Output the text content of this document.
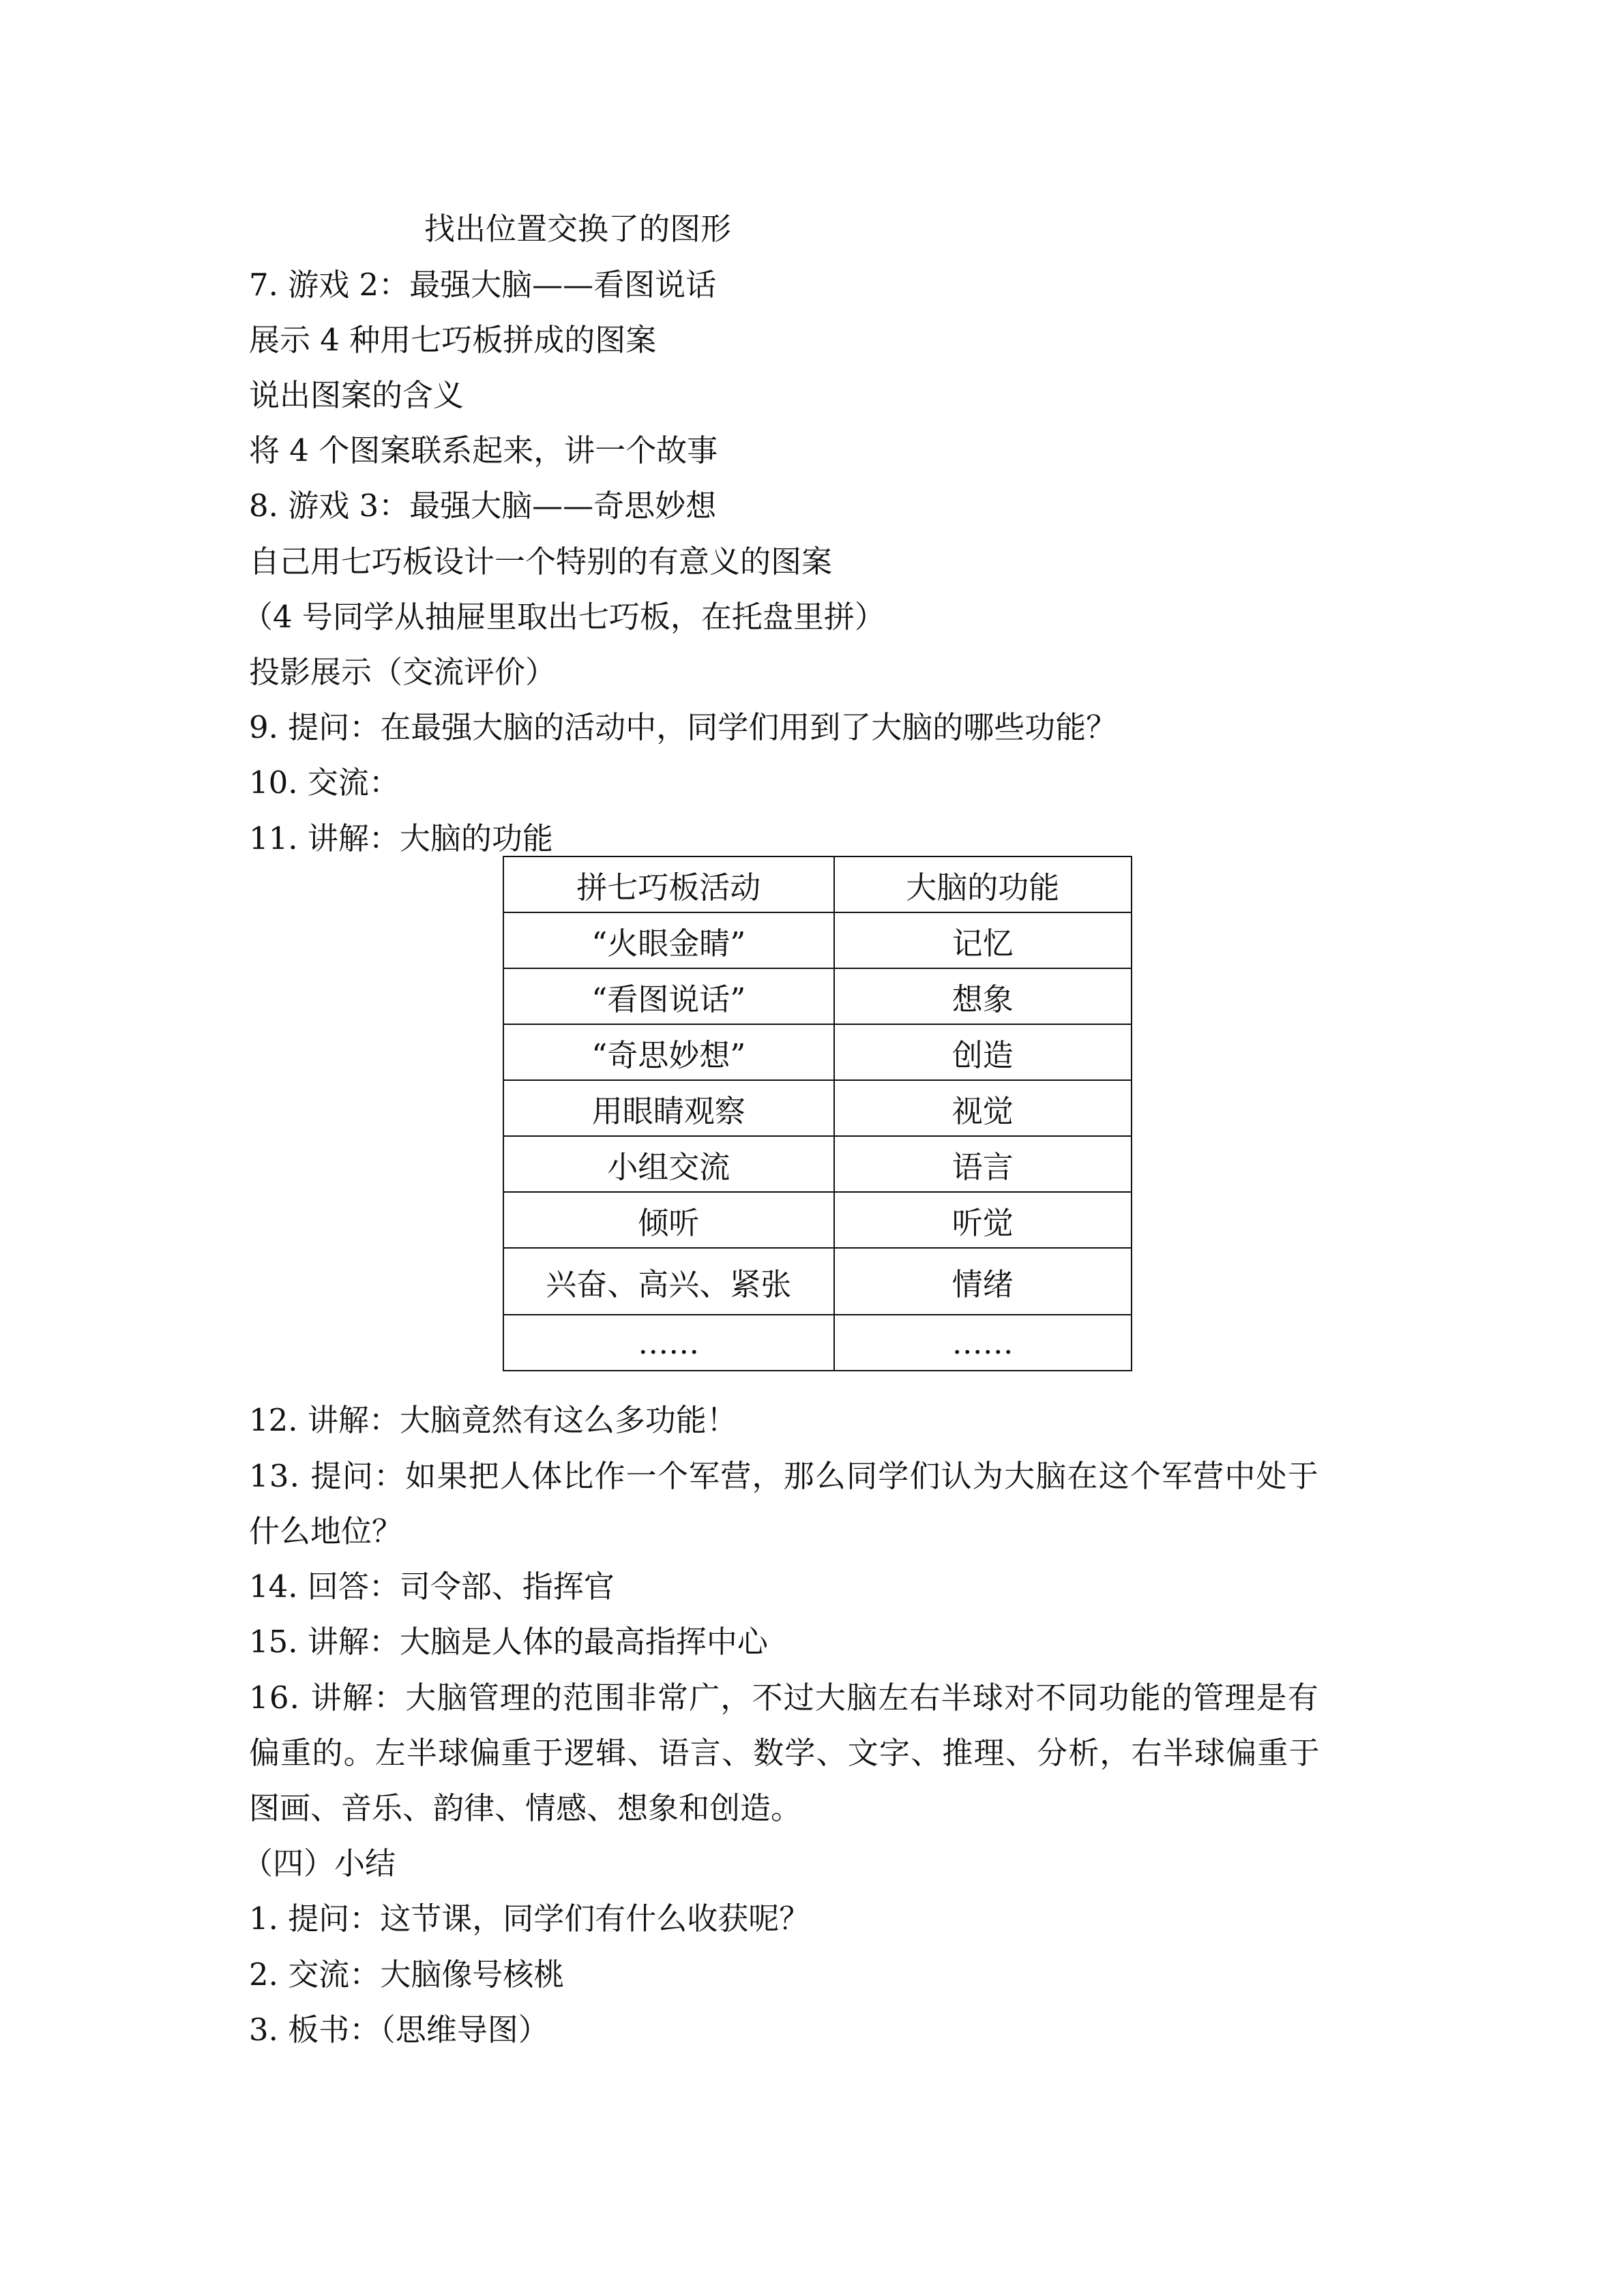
找出位置交换了的图形
7. 游戏 2：最强大脑——看图说话
展示 4 种用七巧板拼成的图案
说出图案的含义
将 4 个图案联系起来，讲一个故事
8. 游戏 3：最强大脑——奇思妙想
自己用七巧板设计一个特别的有意义的图案
（4 号同学从抽屉里取出七巧板，在托盘里拼）
投影展示（交流评价）
9. 提问：在最强大脑的活动中，同学们用到了大脑的哪些功能？
10. 交流：
11. 讲解：大脑的功能
拼七巧板活动	大脑的功能
“火眼金睛”	记忆
“看图说话”	想象
“奇思妙想”	创造
用眼睛观察	视觉
小组交流	语言
倾听	听觉
兴奋、高兴、紧张	情绪
……	……
12. 讲解：大脑竟然有这么多功能！
13. 提问：如果把人体比作一个军营，那么同学们认为大脑在这个军营中处于
什么地位？
14. 回答：司令部、指挥官
15. 讲解：大脑是人体的最高指挥中心
16. 讲解：大脑管理的范围非常广，不过大脑左右半球对不同功能的管理是有
偏重的。左半球偏重于逻辑、语言、数学、文字、推理、分析，右半球偏重于
图画、音乐、韵律、情感、想象和创造。
（四）小结
1. 提问：这节课，同学们有什么收获呢？
2. 交流：大脑像号核桃
3. 板书：（思维导图）
